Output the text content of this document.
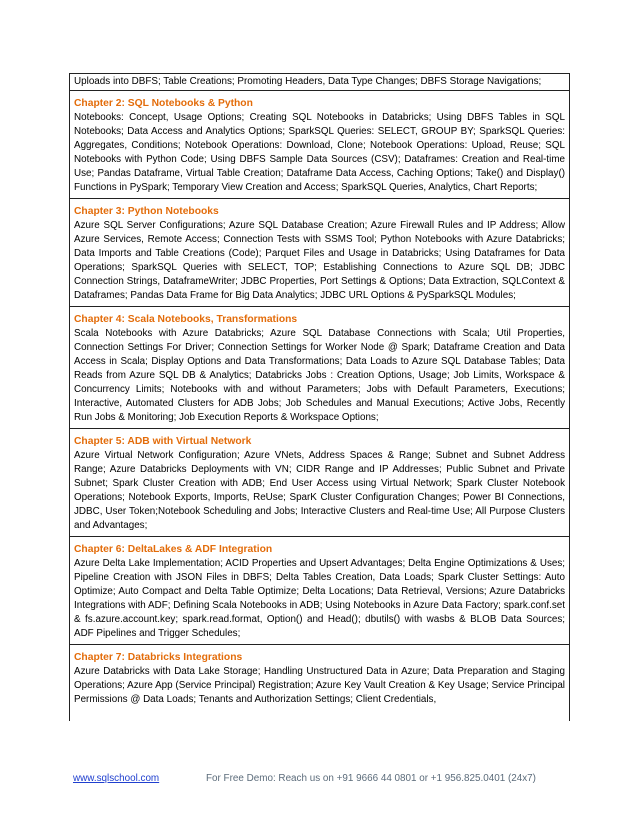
Uploads into DBFS; Table Creations; Promoting Headers, Data Type Changes; DBFS Storage Navigations;
Chapter 2: SQL Notebooks & Python
Notebooks: Concept, Usage Options; Creating SQL Notebooks in Databricks; Using DBFS Tables in SQL Notebooks; Data Access and Analytics Options; SparkSQL Queries: SELECT, GROUP BY; SparkSQL Queries: Aggregates, Conditions; Notebook Operations: Download, Clone; Notebook Operations: Upload, Reuse; SQL Notebooks with Python Code; Using DBFS Sample Data Sources (CSV); Dataframes: Creation and Real-time Use; Pandas Dataframe, Virtual Table Creation; Dataframe Data Access, Caching Options; Take() and Display() Functions in PySpark; Temporary View Creation and Access; SparkSQL Queries, Analytics, Chart Reports;
Chapter 3: Python Notebooks
Azure SQL Server Configurations; Azure SQL Database Creation; Azure Firewall Rules and IP Address; Allow Azure Services, Remote Access; Connection Tests with SSMS Tool; Python Notebooks with Azure Databricks; Data Imports and Table Creations (Code); Parquet Files and Usage in Databricks; Using Dataframes for Data Operations; SparkSQL Queries with SELECT, TOP; Establishing Connections to Azure SQL DB; JDBC Connection Strings, DataframeWriter; JDBC Properties, Port Settings & Options; Data Extraction, SQLContext & Dataframes; Pandas Data Frame for Big Data Analytics; JDBC URL Options & PySparkSQL Modules;
Chapter 4: Scala Notebooks, Transformations
Scala Notebooks with Azure Databricks; Azure SQL Database Connections with Scala; Util Properties, Connection Settings For Driver; Connection Settings for Worker Node @ Spark; Dataframe Creation and Data Access in Scala; Display Options and Data Transformations; Data Loads to Azure SQL Database Tables; Data Reads from Azure SQL DB & Analytics; Databricks Jobs : Creation Options, Usage; Job Limits, Workspace & Concurrency Limits; Notebooks with and without Parameters; Jobs with Default Parameters, Executions; Interactive, Automated Clusters for ADB Jobs; Job Schedules and Manual Executions; Active Jobs, Recently Run Jobs & Monitoring; Job Execution Reports & Workspace Options;
Chapter 5: ADB with Virtual Network
Azure Virtual Network Configuration; Azure VNets, Address Spaces & Range; Subnet and Subnet Address Range; Azure Databricks Deployments with VN; CIDR Range and IP Addresses; Public Subnet and Private Subnet; Spark Cluster Creation with ADB; End User Access using Virtual Network; Spark Cluster Notebook Operations; Notebook Exports, Imports, ReUse; SparK Cluster Configuration Changes; Power BI Connections, JDBC, User Token;Notebook Scheduling and Jobs; Interactive Clusters and Real-time Use; All Purpose Clusters and Advantages;
Chapter 6: DeltaLakes & ADF Integration
Azure Delta Lake Implementation; ACID Properties and Upsert Advantages; Delta Engine Optimizations & Uses; Pipeline Creation with JSON Files in DBFS; Delta Tables Creation, Data Loads; Spark Cluster Settings: Auto Optimize; Auto Compact and Delta Table Optimize; Delta Locations; Data Retrieval, Versions; Azure Databricks Integrations with ADF; Defining Scala Notebooks in ADB; Using Notebooks in Azure Data Factory; spark.conf.set & fs.azure.account.key; spark.read.format, Option() and Head(); dbutils() with wasbs & BLOB Data Sources; ADF Pipelines and Trigger Schedules;
Chapter 7: Databricks Integrations
Azure Databricks with Data Lake Storage; Handling Unstructured Data in Azure; Data Preparation and Staging Operations; Azure App (Service Principal) Registration; Azure Key Vault Creation & Key Usage; Service Principal Permissions @ Data Loads; Tenants and Authorization Settings; Client Credentials,
www.sqlschool.com	For Free Demo: Reach us on +91 9666 44 0801 or +1 956.825.0401 (24x7)
